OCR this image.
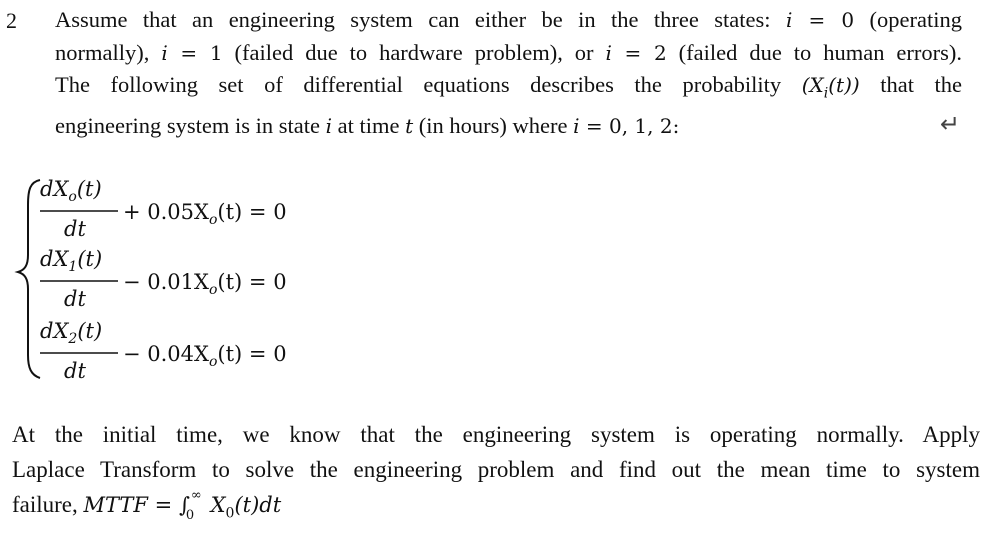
2 Assume that an engineering system can either be in the three states: i = 0 (operating
normally), i = 1 (failed due to hardware problem), or i = 2 (failed due to human errors).
The following set of differential equations describes the probability $(X_i(t))$ that the
engineering system is in state i at time t (in hours) where i = 0, 1, 2:	↵
$dX_o(t)$
dt
+ $0.05X_o(t) = 0$
$dX_1(t)$
dt
− $0.01X_o(t) = 0$
$dX_2(t)$
dt
− $0.04X_o(t) = 0$
At the initial time, we know that the engineering system is operating normally. Apply
Laplace Transform to solve the engineering problem and find out the mean time to system
failure, MTTF = ∫ ∞
0 $X_0(t)dt$
